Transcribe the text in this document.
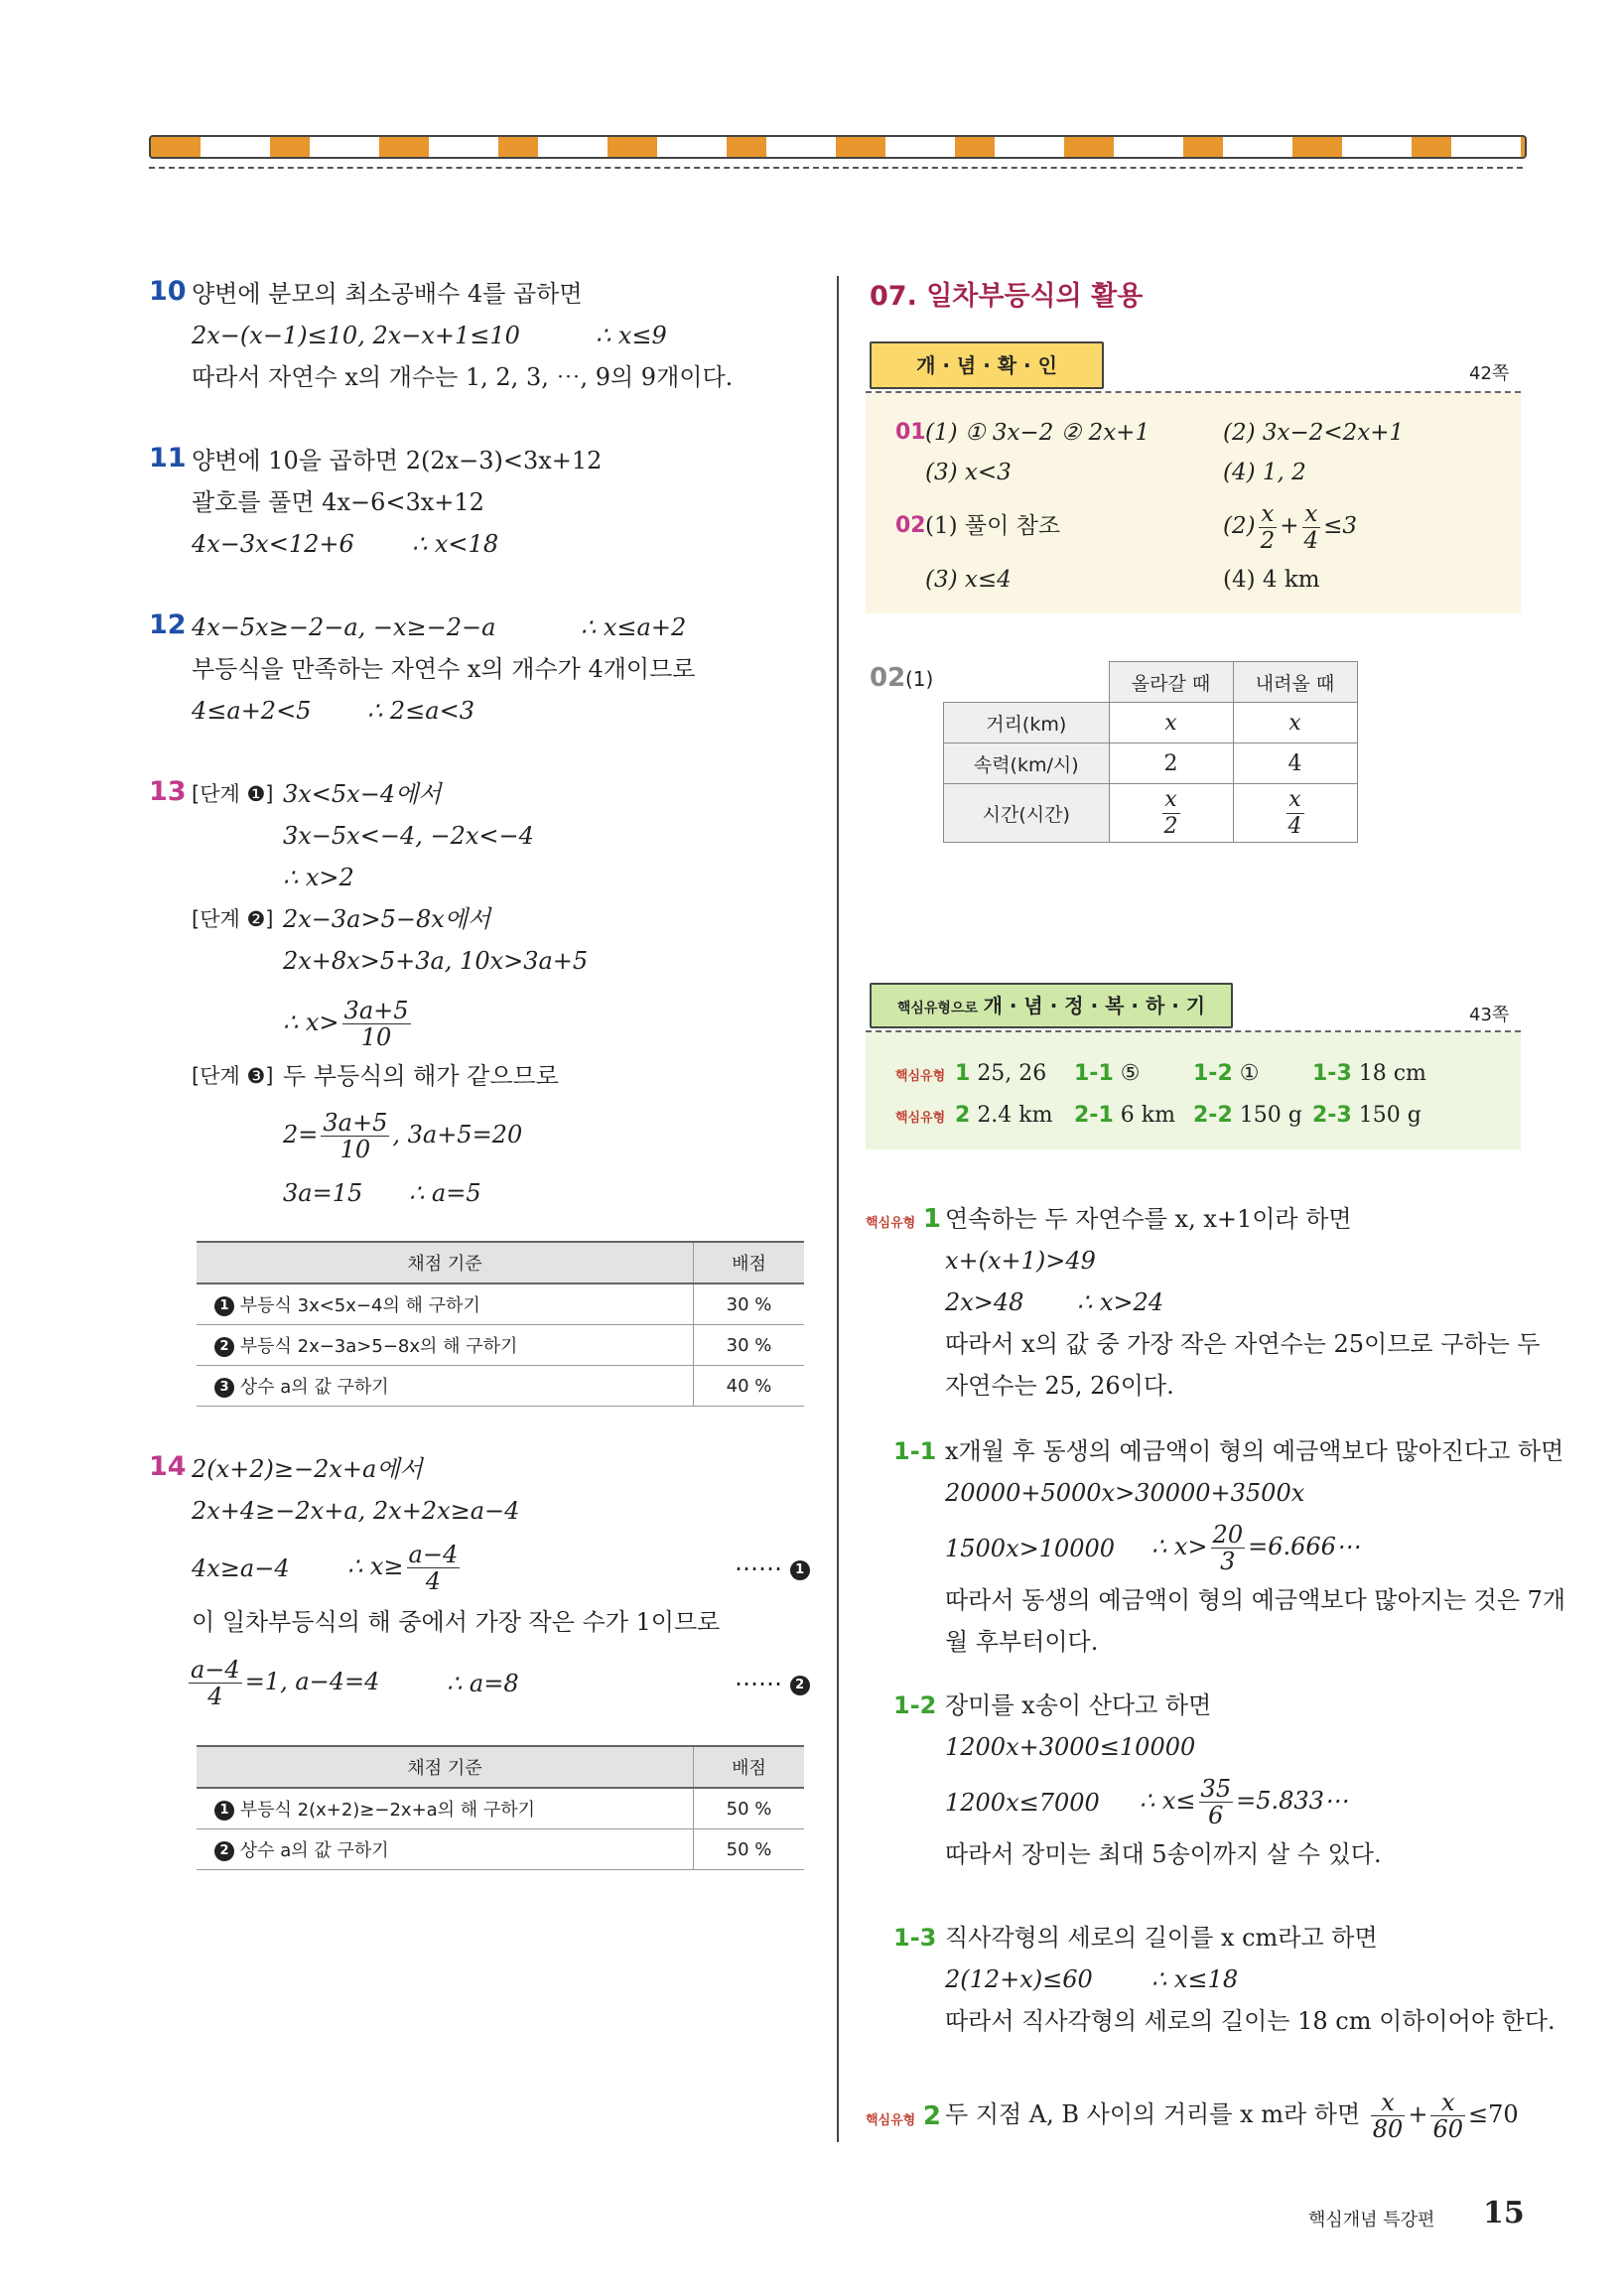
10 양변에 분모의 최소공배수 4를 곱하면
2x−(x−1)≤10, 2x−x+1≤10	∴ x≤9
따라서 자연수 x의 개수는 1, 2, 3, ⋯, 9의 9개이다.
11 양변에 10을 곱하면 2(2x−3)<3x+12
괄호를 풀면 4x−6<3x+12
4x−3x<12+6 ∴ x<18
12 4x−5x≥−2−a, −x≥−2−a	∴ x≤a+2
부등식을 만족하는 자연수 x의 개수가 4개이므로
4≤a+2<5 ∴ 2≤a<3
13 [단계 ❶] 3x<5x−4에서
3x−5x<−4, −2x<−4
∴ x>2
[단계 ❷] 2x−3a>5−8x에서
2x+8x>5+3a, 10x>3a+5
∴ $x> \frac{3a+5}{10}$
[단계 ❸] 두 부등식의 해가 같으므로
$2= \frac{3a+5}{10}$ , 3a+5=20
3a=15 ∴ a=5
채점 기준	배점
1 부등식 3x<5x−4의 해 구하기	30 %
2 부등식 2x−3a>5−8x의 해 구하기	30 %
3 상수 a의 값 구하기	40 %
14 2(x+2)≥−2x+a에서
2x+4≥−2x+a, 2x+2x≥a−4
4x≥a−4 ∴ $x\ge \frac{a-4}{4}$	⋯⋯ 1
이 일차부등식의 해 중에서 가장 작은 수가 1이므로
$\frac{a-4}{4} =1$, a−4=4	∴ a=8	⋯⋯ 2
채점 기준	배점
1 부등식 2(x+2)≥−2x+a의 해 구하기	50 %
2 상수 a의 값 구하기	50 %
07. 일차부등식의 활용
개 · 념 · 확 · 인	42쪽
01 (1) ① 3x−2 ② 2x+1	(2) 3x−2<2x+1
(3) x<3	(4) 1, 2
02 (1) 풀이 참조	$(2) \frac{x}{2} + \frac{x}{4} \le 3$
(3) x≤4	(4) 4 km
02 (1)
		올라갈 때	내려올 때
거리(km)	x	x
속력(km/시)	2	4
시간(시간)	$\frac{x}{2}$	$\frac{x}{4}$
핵심유형으로 개 · 념 · 정 · 복 · 하 · 기	43쪽
핵심유형 1 25, 26 1-1 ⑤ 1-2 ① 1-3 18 cm
핵심유형 2 2.4 km 2-1 6 km 2-2 150 g 2-3 150 g
핵심유형 1 연속하는 두 자연수를 x, x+1이라 하면
x+(x+1)>49
2x>48 ∴ x>24
따라서 x의 값 중 가장 작은 자연수는 25이므로 구하는 두
자연수는 25, 26이다.
1-1 x개월 후 동생의 예금액이 형의 예금액보다 많아진다고 하면
20000+5000x>30000+3500x
1500x>10000 ∴ $x> \frac{20}{3}$ =6.666⋯
따라서 동생의 예금액이 형의 예금액보다 많아지는 것은 7개
월 후부터이다.
1-2 장미를 x송이 산다고 하면
1200x+3000≤10000
1200x≤7000 ∴ $x\le \frac{35}{6}$ =5.833⋯
따라서 장미는 최대 5송이까지 살 수 있다.
1-3 직사각형의 세로의 길이를 x cm라고 하면
2(12+x)≤60 ∴ x≤18
따라서 직사각형의 세로의 길이는 18 cm 이하이어야 한다.
핵심유형 2 두 지점 A, B 사이의 거리를 x m라 하면 $\frac{x}{80} + \frac{x}{60} \le 70$
핵심개념 특강편 15
